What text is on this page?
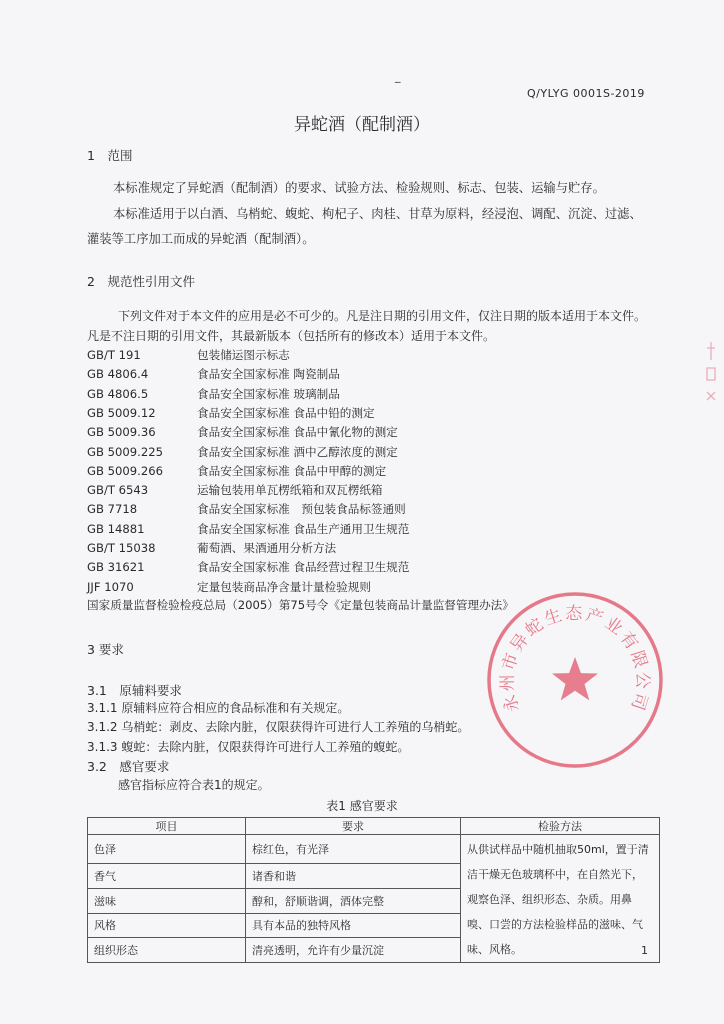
_
Q/YLYG 0001S-2019
异蛇酒（配制酒）
1　范围
本标准规定了异蛇酒（配制酒）的要求、试验方法、检验规则、标志、包装、运输与贮存。
本标准适用于以白酒、乌梢蛇、蝮蛇、枸杞子、肉桂、甘草为原料，经浸泡、调配、沉淀、过滤、
灌装等工序加工而成的异蛇酒（配制酒）。
2　规范性引用文件
下列文件对于本文件的应用是必不可少的。凡是注日期的引用文件，仅注日期的版本适用于本文件。
凡是不注日期的引用文件，其最新版本（包括所有的修改本）适用于本文件。
GB/T 191	包装储运图示标志
GB 4806.4	食品安全国家标准 陶瓷制品
GB 4806.5	食品安全国家标准 玻璃制品
GB 5009.12	食品安全国家标准 食品中铅的测定
GB 5009.36	食品安全国家标准 食品中氰化物的测定
GB 5009.225	食品安全国家标准 酒中乙醇浓度的测定
GB 5009.266	食品安全国家标准 食品中甲醇的测定
GB/T 6543	运输包装用单瓦楞纸箱和双瓦楞纸箱
GB 7718	食品安全国家标准　预包装食品标签通则
GB 14881	食品安全国家标准 食品生产通用卫生规范
GB/T 15038	葡萄酒、果酒通用分析方法
GB 31621	食品安全国家标准 食品经营过程卫生规范
JJF 1070	定量包装商品净含量计量检验规则
国家质量监督检验检疫总局（2005）第75号令《定量包装商品计量监督管理办法》
3 要求
3.1　原辅料要求
3.1.1 原辅料应符合相应的食品标准和有关规定。
3.1.2 乌梢蛇：剥皮、去除内脏，仅限获得许可进行人工养殖的乌梢蛇。
3.1.3 蝮蛇：去除内脏，仅限获得许可进行人工养殖的蝮蛇。
3.2　感官要求
感官指标应符合表1的规定。
表1 感官要求
项目	要求	检验方法
色泽	棕红色，有光泽	从供试样品中随机抽取50ml，置于清洁干燥无色玻璃杯中，在自然光下，观察色泽、组织形态、杂质。用鼻嗅、口尝的方法检验样品的滋味、气味、风格。
香气	诸香和谐	
滋味	醇和，舒顺谐调，酒体完整	
风格	具有本品的独特风格	
组织形态	清亮透明，允许有少量沉淀		1
永州市异蛇生态产业有限公司
